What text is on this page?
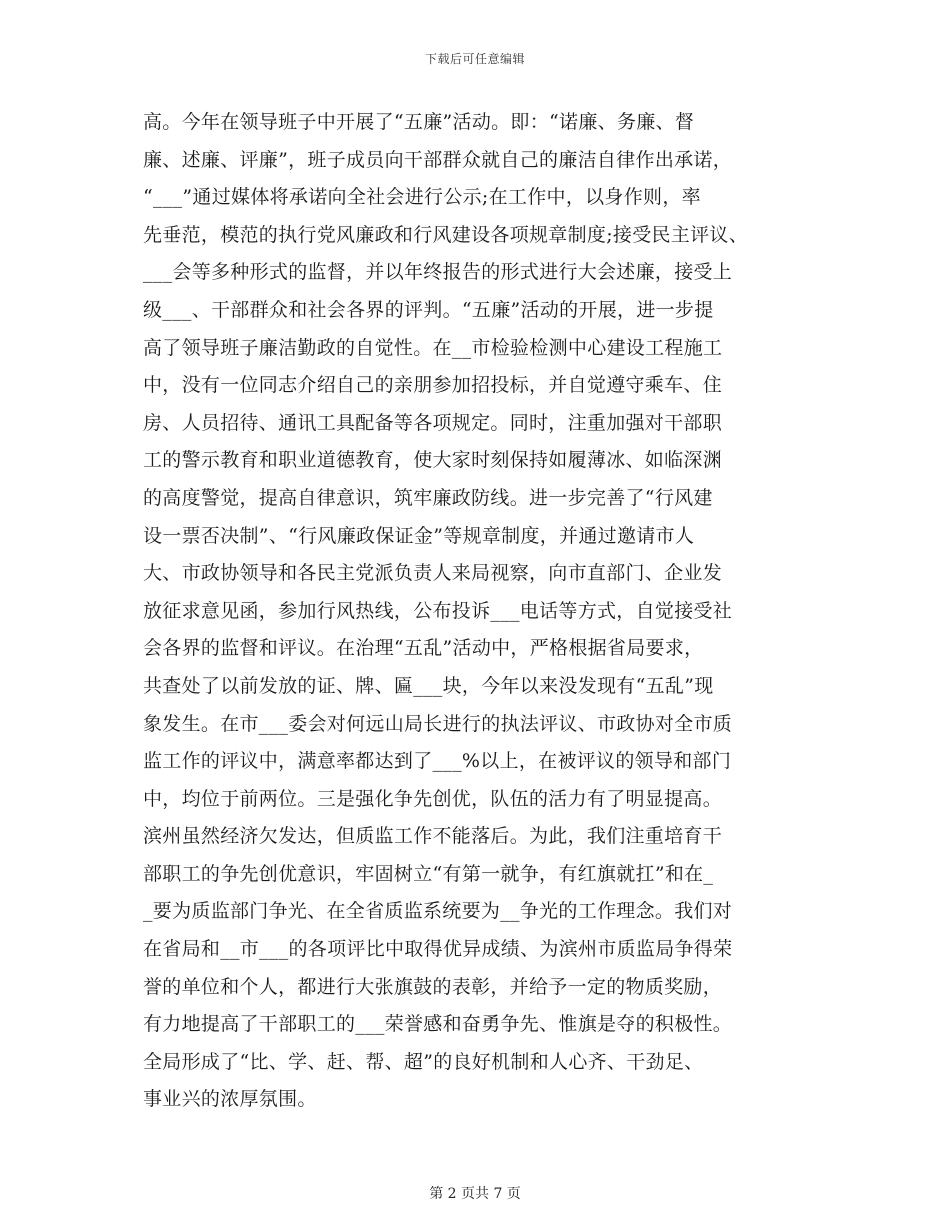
下载后可任意编辑
高。今年在领导班子中开展了“五廉”活动。即：“诺廉、务廉、督
廉、述廉、评廉”，班子成员向干部群众就自己的廉洁自律作出承诺，
“___”通过媒体将承诺向全社会进行公示;在工作中，以身作则，率
先垂范，模范的执行党风廉政和行风建设各项规章制度;接受民主评议、
___会等多种形式的监督，并以年终报告的形式进行大会述廉，接受上
级___、干部群众和社会各界的评判。“五廉”活动的开展，进一步提
高了领导班子廉洁勤政的自觉性。在__市检验检测中心建设工程施工
中，没有一位同志介绍自己的亲朋参加招投标，并自觉遵守乘车、住
房、人员招待、通讯工具配备等各项规定。同时，注重加强对干部职
工的警示教育和职业道德教育，使大家时刻保持如履薄冰、如临深渊
的高度警觉，提高自律意识，筑牢廉政防线。进一步完善了“行风建
设一票否决制”、“行风廉政保证金”等规章制度，并通过邀请市人
大、市政协领导和各民主党派负责人来局视察，向市直部门、企业发
放征求意见函，参加行风热线，公布投诉___电话等方式，自觉接受社
会各界的监督和评议。在治理“五乱”活动中，严格根据省局要求，
共查处了以前发放的证、牌、匾___块，今年以来没发现有“五乱”现
象发生。在市___委会对何远山局长进行的执法评议、市政协对全市质
监工作的评议中，满意率都达到了___%以上，在被评议的领导和部门
中，均位于前两位。三是强化争先创优，队伍的活力有了明显提高。
滨州虽然经济欠发达，但质监工作不能落后。为此，我们注重培育干
部职工的争先创优意识，牢固树立“有第一就争，有红旗就扛”和在_
_要为质监部门争光、在全省质监系统要为__争光的工作理念。我们对
在省局和__市___的各项评比中取得优异成绩、为滨州市质监局争得荣
誉的单位和个人，都进行大张旗鼓的表彰，并给予一定的物质奖励，
有力地提高了干部职工的___荣誉感和奋勇争先、惟旗是夺的积极性。
全局形成了“比、学、赶、帮、超”的良好机制和人心齐、干劲足、
事业兴的浓厚氛围。
第 2 页共 7 页
